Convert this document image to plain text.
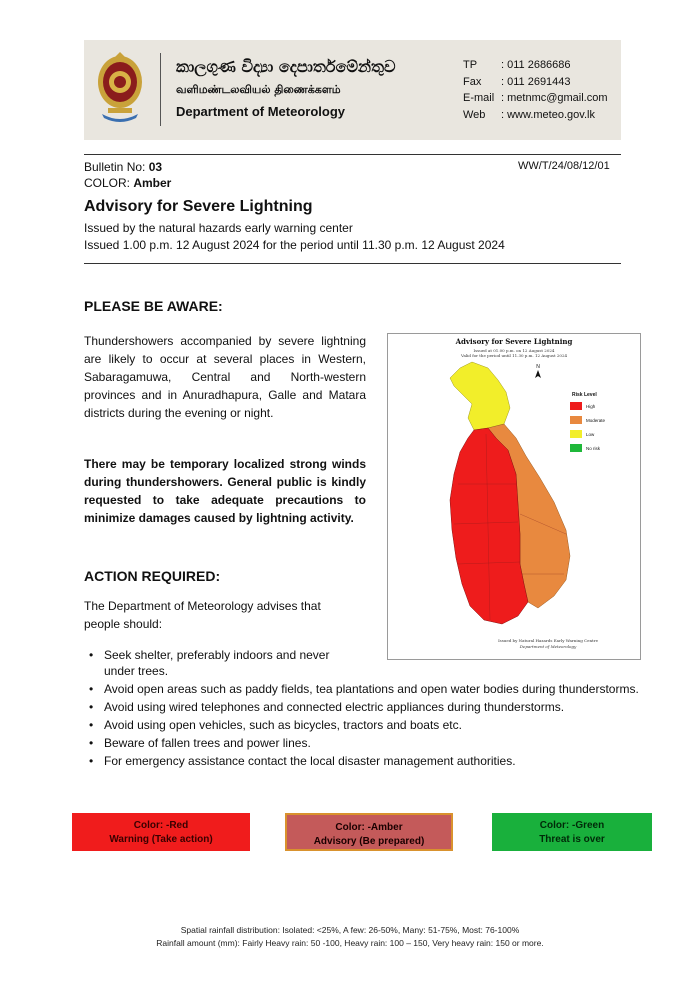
කාලගුණ විද්‍යා දෙපාර්තමේන්තුව
வளிமண்டலவியல் திணைக்களம்
Department of Meteorology
TP	: 011 2686686
Fax	: 011 2691443
E-mail : metnmc@gmail.com
Web	: www.meteo.gov.lk
Bulletin No: 03	WW/T/24/08/12/01
COLOR: Amber
Advisory for Severe Lightning
Issued by the natural hazards early warning center
Issued 1.00 p.m. 12 August 2024 for the period until 11.30 p.m. 12 August 2024
PLEASE BE AWARE:
Thundershowers accompanied by severe lightning are likely to occur at several places in Western, Sabaragamuwa, Central and North-western provinces and in Anuradhapura, Galle and Matara districts during the evening or night.
There may be temporary localized strong winds during thundershowers. General public is kindly requested to take adequate precautions to minimize damages caused by lightning activity.
Advisory for Severe Lightning
Issued at 01.00 p.m. on 12 August 2024
Valid for the period until 11.30 p.m. 12 August 2024
N
Risk Level
High
Moderate
Low
No risk
Issued by Natural Hazards Early Warning Centre
Department of Meteorology
ACTION REQUIRED:
The Department of Meteorology advises that people should:
• Seek shelter, preferably indoors and never under trees.
• Avoid open areas such as paddy fields, tea plantations and open water bodies during thunderstorms.
• Avoid using wired telephones and connected electric appliances during thunderstorms.
• Avoid using open vehicles, such as bicycles, tractors and boats etc.
• Beware of fallen trees and power lines.
• For emergency assistance contact the local disaster management authorities.
Color: -Red
Warning (Take action)
Color: -Amber
Advisory (Be prepared)
Color: -Green
Threat is over
Spatial rainfall distribution: Isolated: <25%, A few: 26-50%, Many: 51-75%, Most: 76-100%
Rainfall amount (mm): Fairly Heavy rain: 50 -100, Heavy rain: 100 – 150, Very heavy rain: 150 or more.
